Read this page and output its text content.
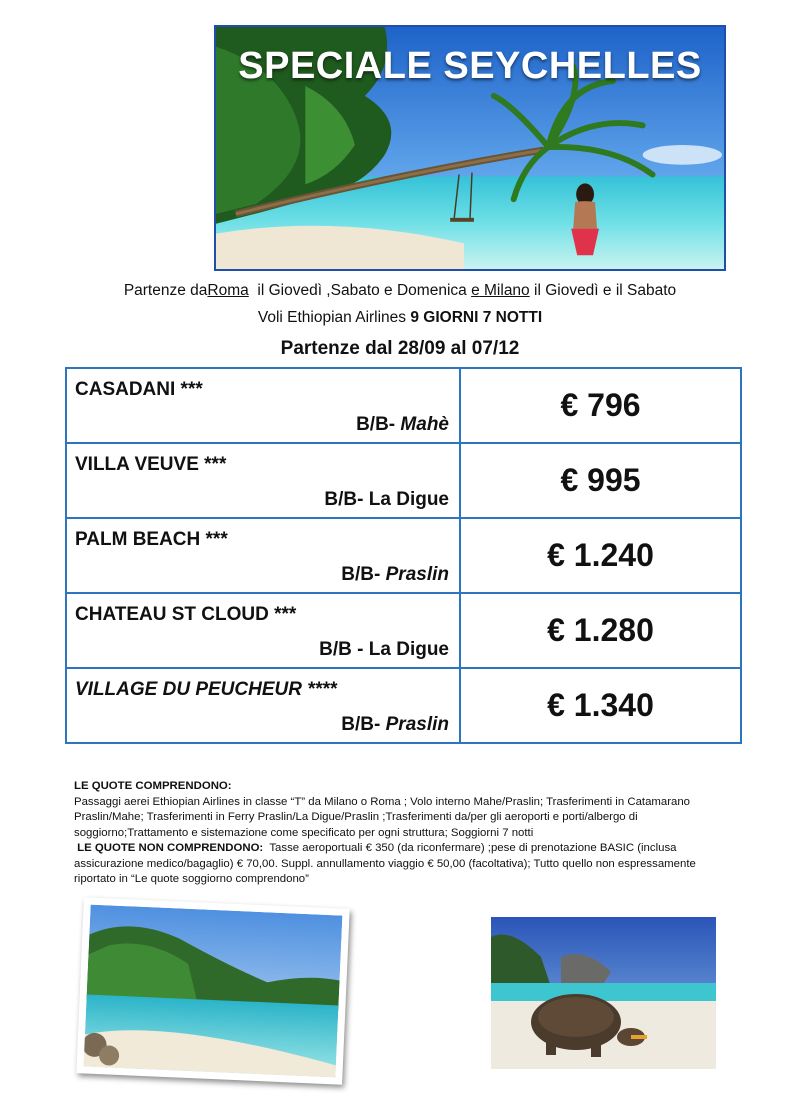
SPECIALE SEYCHELLES
Partenze daRoma il Giovedì ,Sabato e Domenica e Milano il Giovedì e il Sabato
Voli Ethiopian Airlines 9 GIORNI 7 NOTTI
Partenze dal 28/09 al 07/12
CASADANI ***
B/B- Mahè	€ 796

VILLA VEUVE ***
B/B- La Digue	€ 995

PALM BEACH ***
B/B- Praslin	€ 1.240

CHATEAU ST CLOUD ***
B/B - La Digue	€ 1.280

VILLAGE DU PEUCHEUR ****
B/B- Praslin	€ 1.340
LE QUOTE COMPRENDONO:
Passaggi aerei Ethiopian Airlines in classe “T” da Milano o Roma ; Volo interno Mahe/Praslin; Trasferimenti in Catamarano Praslin/Mahe; Trasferimenti in Ferry Praslin/La Digue/Praslin ;Trasferimenti da/per gli aeroporti e porti/albergo di soggiorno;Trattamento e sistemazione come specificato per ogni struttura; Soggiorni 7 notti
LE QUOTE NON COMPRENDONO: Tasse aeroportuali € 350 (da riconfermare) ;pese di prenotazione BASIC (inclusa assicurazione medico/bagaglio) € 70,00. Suppl. annullamento viaggio € 50,00 (facoltativa); Tutto quello non espressamente riportato in “Le quote soggiorno comprendono”
